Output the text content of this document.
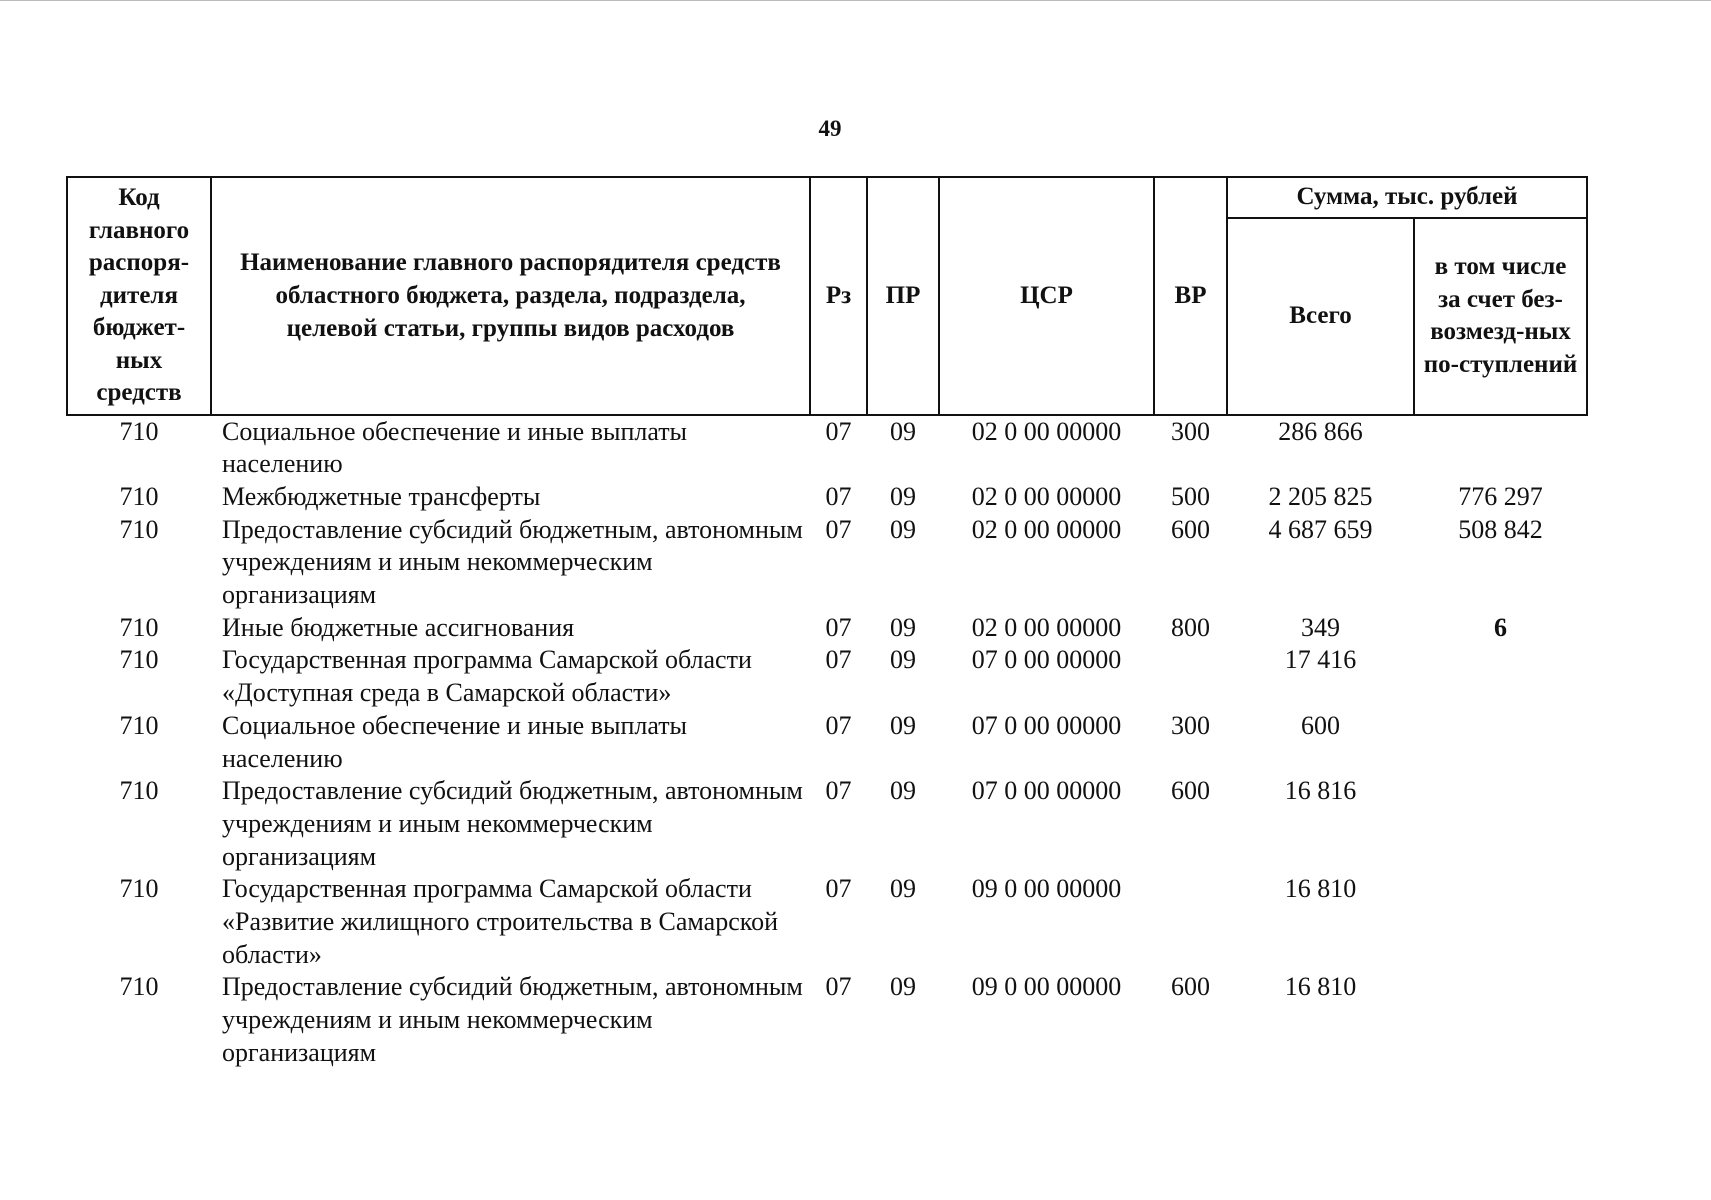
49
Код главного распоря-дителя бюджет-ных средств	Наименование главного распорядителя средств областного бюджета, раздела, подраздела, целевой статьи, группы видов расходов	Рз	ПР	ЦСР	ВР	Сумма, тыс. рублей	
						Всего	в том числе за счет без-возмезд-ных по-ступлений
710	Социальное обеспечение и иные выплаты населению	07	09	02 0 00 00000	300	286 866	
710	Межбюджетные трансферты	07	09	02 0 00 00000	500	2 205 825	776 297
710	Предоставление субсидий бюджетным, автономным учреждениям и иным некоммерческим организациям	07	09	02 0 00 00000	600	4 687 659	508 842
710	Иные бюджетные ассигнования	07	09	02 0 00 00000	800	349	6
710	Государственная программа Самарской области «Доступная среда в Самарской области»	07	09	07 0 00 00000		17 416	
710	Социальное обеспечение и иные выплаты населению	07	09	07 0 00 00000	300	600	
710	Предоставление субсидий бюджетным, автономным учреждениям и иным некоммерческим организациям	07	09	07 0 00 00000	600	16 816	
710	Государственная программа Самарской области «Развитие жилищного строительства в Самарской области»	07	09	09 0 00 00000		16 810	
710	Предоставление субсидий бюджетным, автономным учреждениям и иным некоммерческим организациям	07	09	09 0 00 00000	600	16 810	
